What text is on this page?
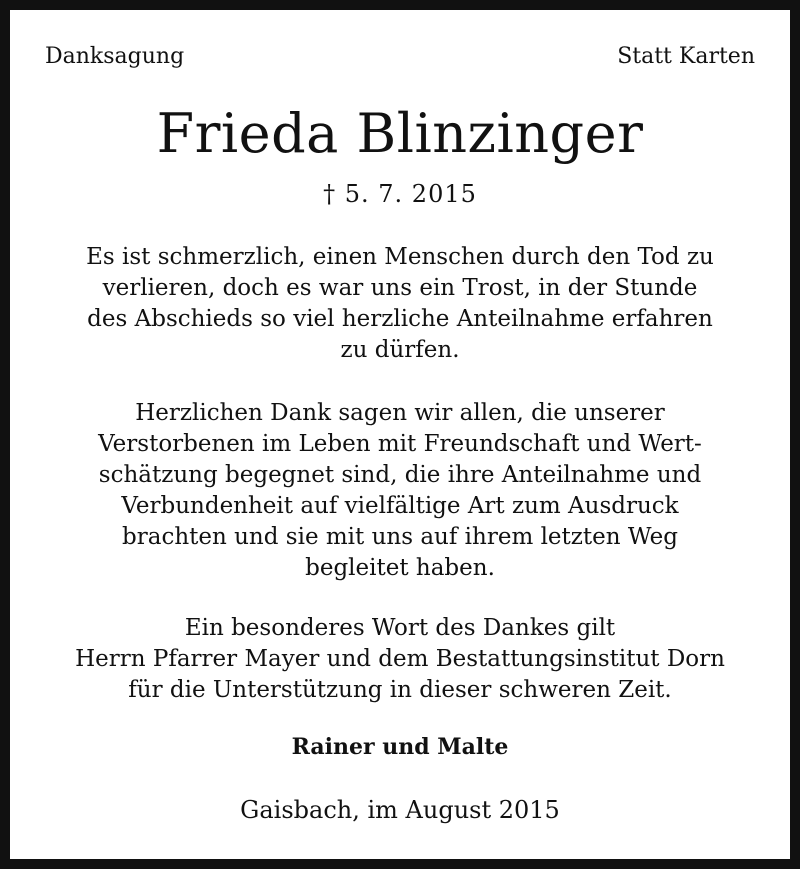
Danksagung	Statt Karten
Frieda Blinzinger
† 5. 7. 2015
Es ist schmerzlich, einen Menschen durch den Tod zu
verlieren, doch es war uns ein Trost, in der Stunde
des Abschieds so viel herzliche Anteilnahme erfahren
zu dürfen.
Herzlichen Dank sagen wir allen, die unserer
Verstorbenen im Leben mit Freundschaft und Wert-
schätzung begegnet sind, die ihre Anteilnahme und
Verbundenheit auf vielfältige Art zum Ausdruck
brachten und sie mit uns auf ihrem letzten Weg
begleitet haben.
Ein besonderes Wort des Dankes gilt
Herrn Pfarrer Mayer und dem Bestattungsinstitut Dorn
für die Unterstützung in dieser schweren Zeit.
Rainer und Malte
Gaisbach, im August 2015
